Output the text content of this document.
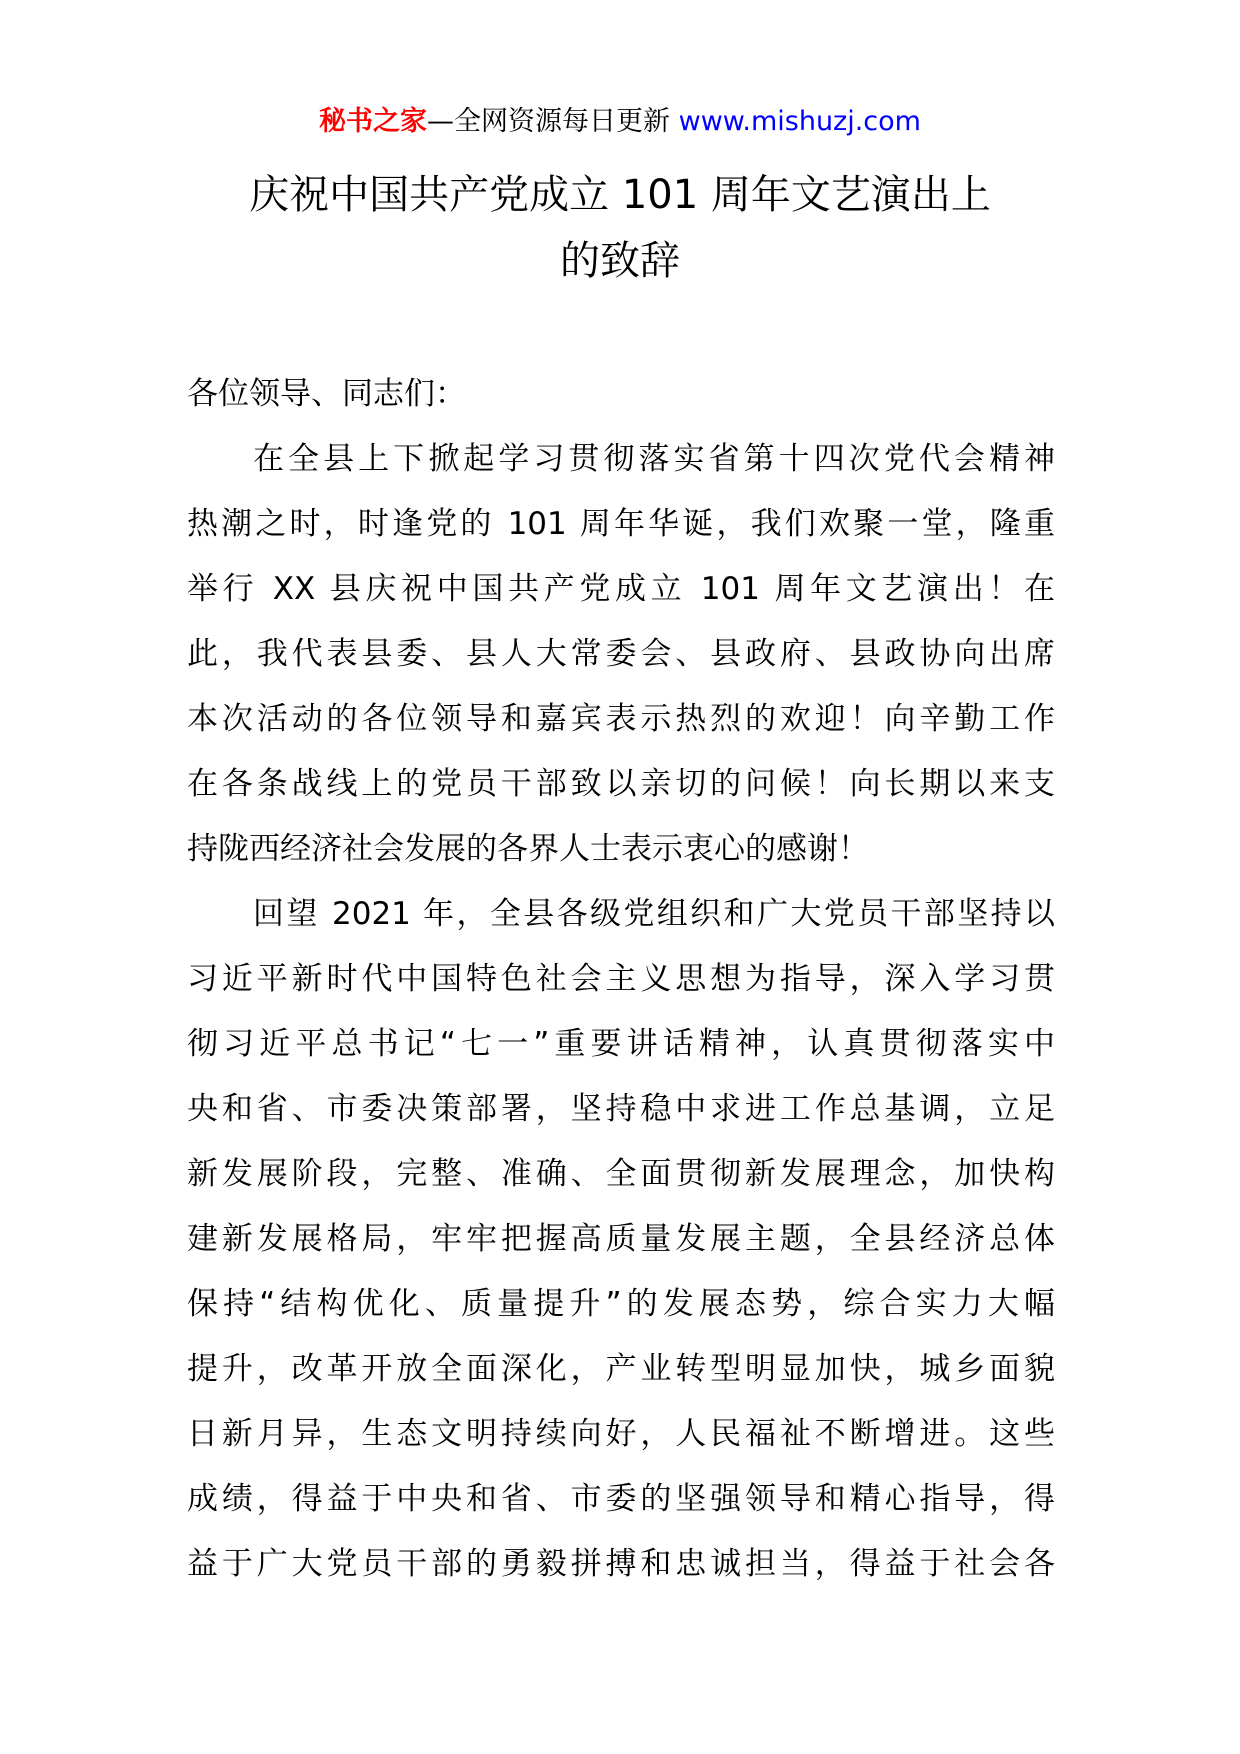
秘书之家—全网资源每日更新 www.mishuzj.com
庆祝中国共产党成立 101 周年文艺演出上
的致辞
各位领导、同志们：
在全县上下掀起学习贯彻落实省第十四次党代会精神
热潮之时，时逢党的 101 周年华诞，我们欢聚一堂，隆重
举行 XX 县庆祝中国共产党成立 101 周年文艺演出！在
此，我代表县委、县人大常委会、县政府、县政协向出席
本次活动的各位领导和嘉宾表示热烈的欢迎！向辛勤工作
在各条战线上的党员干部致以亲切的问候！向长期以来支
持陇西经济社会发展的各界人士表示衷心的感谢！
回望 2021 年，全县各级党组织和广大党员干部坚持以
习近平新时代中国特色社会主义思想为指导，深入学习贯
彻习近平总书记“七一”重要讲话精神，认真贯彻落实中
央和省、市委决策部署，坚持稳中求进工作总基调，立足
新发展阶段，完整、准确、全面贯彻新发展理念，加快构
建新发展格局，牢牢把握高质量发展主题，全县经济总体
保持“结构优化、质量提升”的发展态势，综合实力大幅
提升，改革开放全面深化，产业转型明显加快，城乡面貌
日新月异，生态文明持续向好，人民福祉不断增进。这些
成绩，得益于中央和省、市委的坚强领导和精心指导，得
益于广大党员干部的勇毅拼搏和忠诚担当，得益于社会各
